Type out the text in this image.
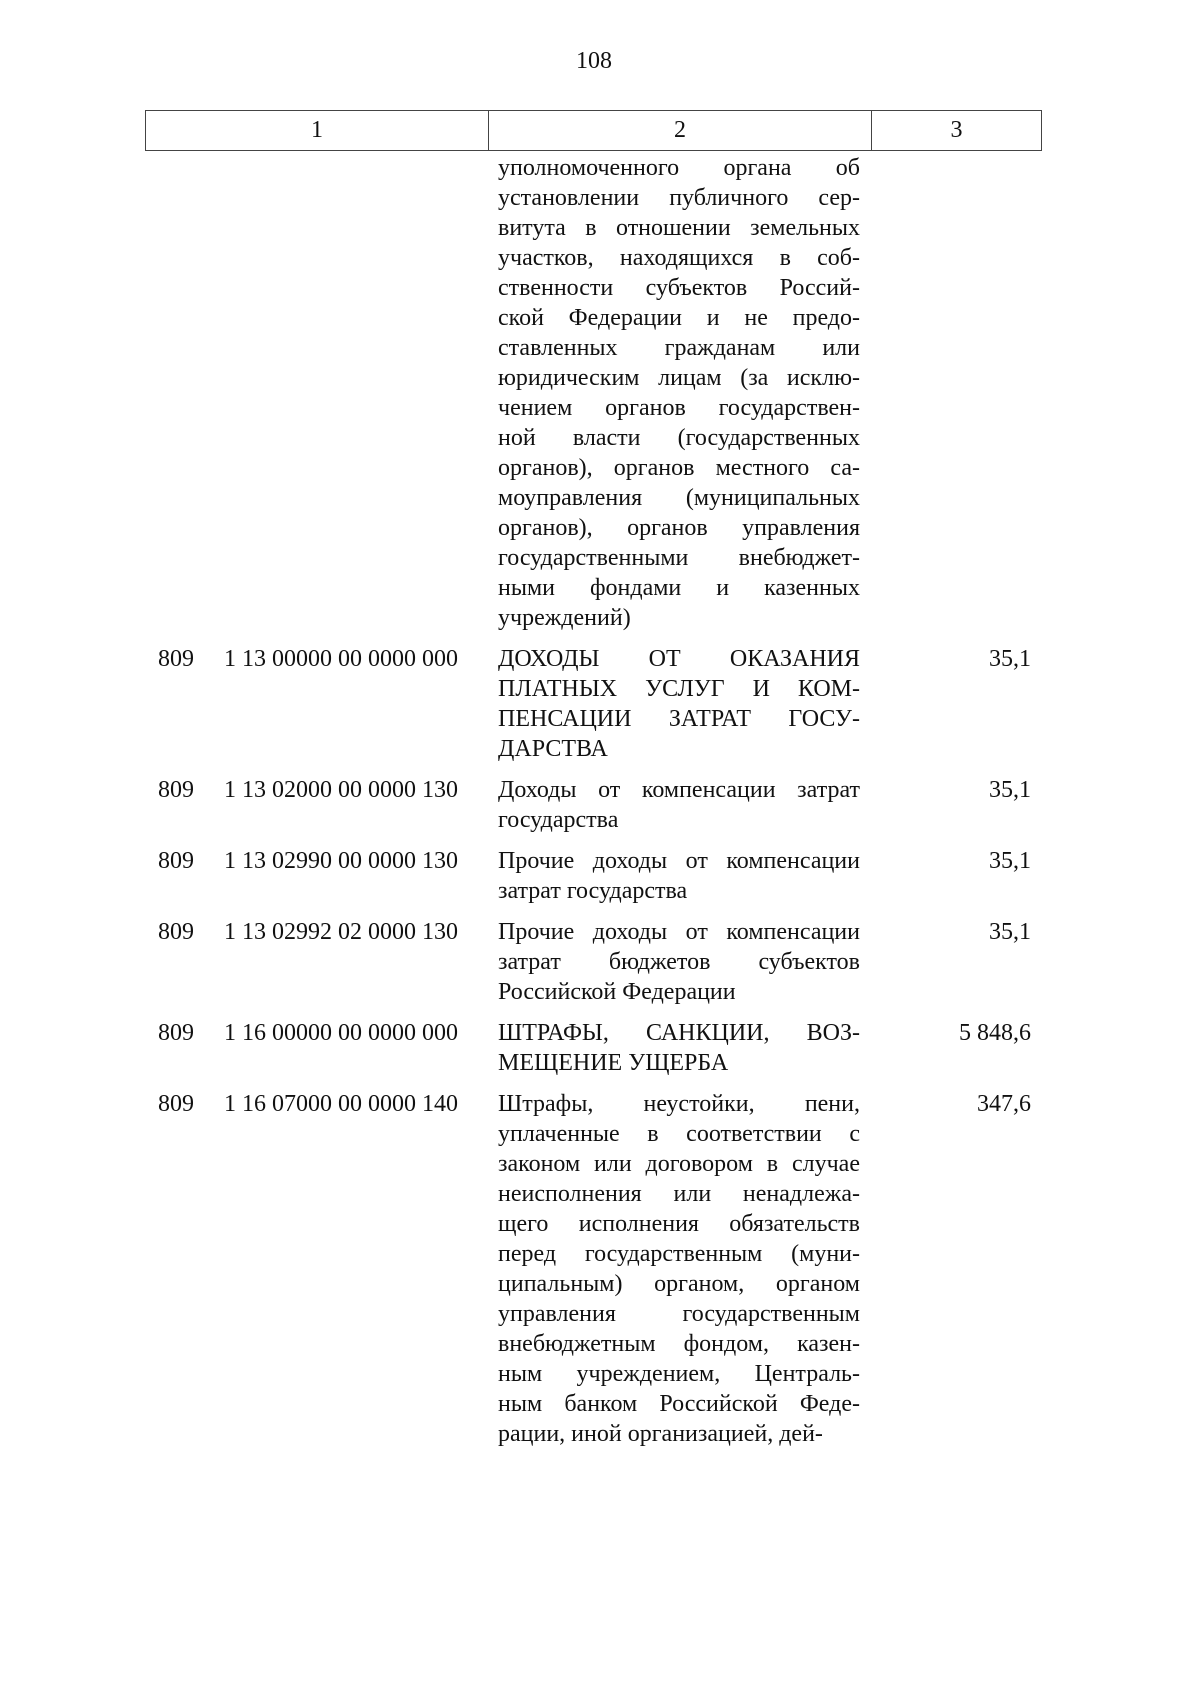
108
1	2	3
уполномоченного органа об
установлении публичного сер-
витута в отношении земельных
участков, находящихся в соб-
ственности субъектов Россий-
ской Федерации и не предо-
ставленных гражданам или
юридическим лицам (за исклю-
чением органов государствен-
ной власти (государственных
органов), органов местного са-
моуправления (муниципальных
органов), органов управления
государственными внебюджет-
ными фондами и казенных
учреждений)
809 1 13 00000 00 0000 000 ДОХОДЫ ОТ ОКАЗАНИЯ
ПЛАТНЫХ УСЛУГ И КОМ-
ПЕНСАЦИИ ЗАТРАТ ГОСУ-
ДАРСТВА
35,1
809 1 13 02000 00 0000 130 Доходы от компенсации затрат
государства
35,1
809 1 13 02990 00 0000 130 Прочие доходы от компенсации
затрат государства
35,1
809 1 13 02992 02 0000 130 Прочие доходы от компенсации
затрат бюджетов субъектов
Российской Федерации
35,1
809 1 16 00000 00 0000 000 ШТРАФЫ, САНКЦИИ, ВОЗ-
МЕЩЕНИЕ УЩЕРБА
5 848,6
809 1 16 07000 00 0000 140 Штрафы, неустойки, пени,
уплаченные в соответствии с
законом или договором в случае
неисполнения или ненадлежа-
щего исполнения обязательств
перед государственным (муни-
ципальным) органом, органом
управления государственным
внебюджетным фондом, казен-
ным учреждением, Централь-
ным банком Российской Феде-
рации, иной организацией, дей-
347,6
